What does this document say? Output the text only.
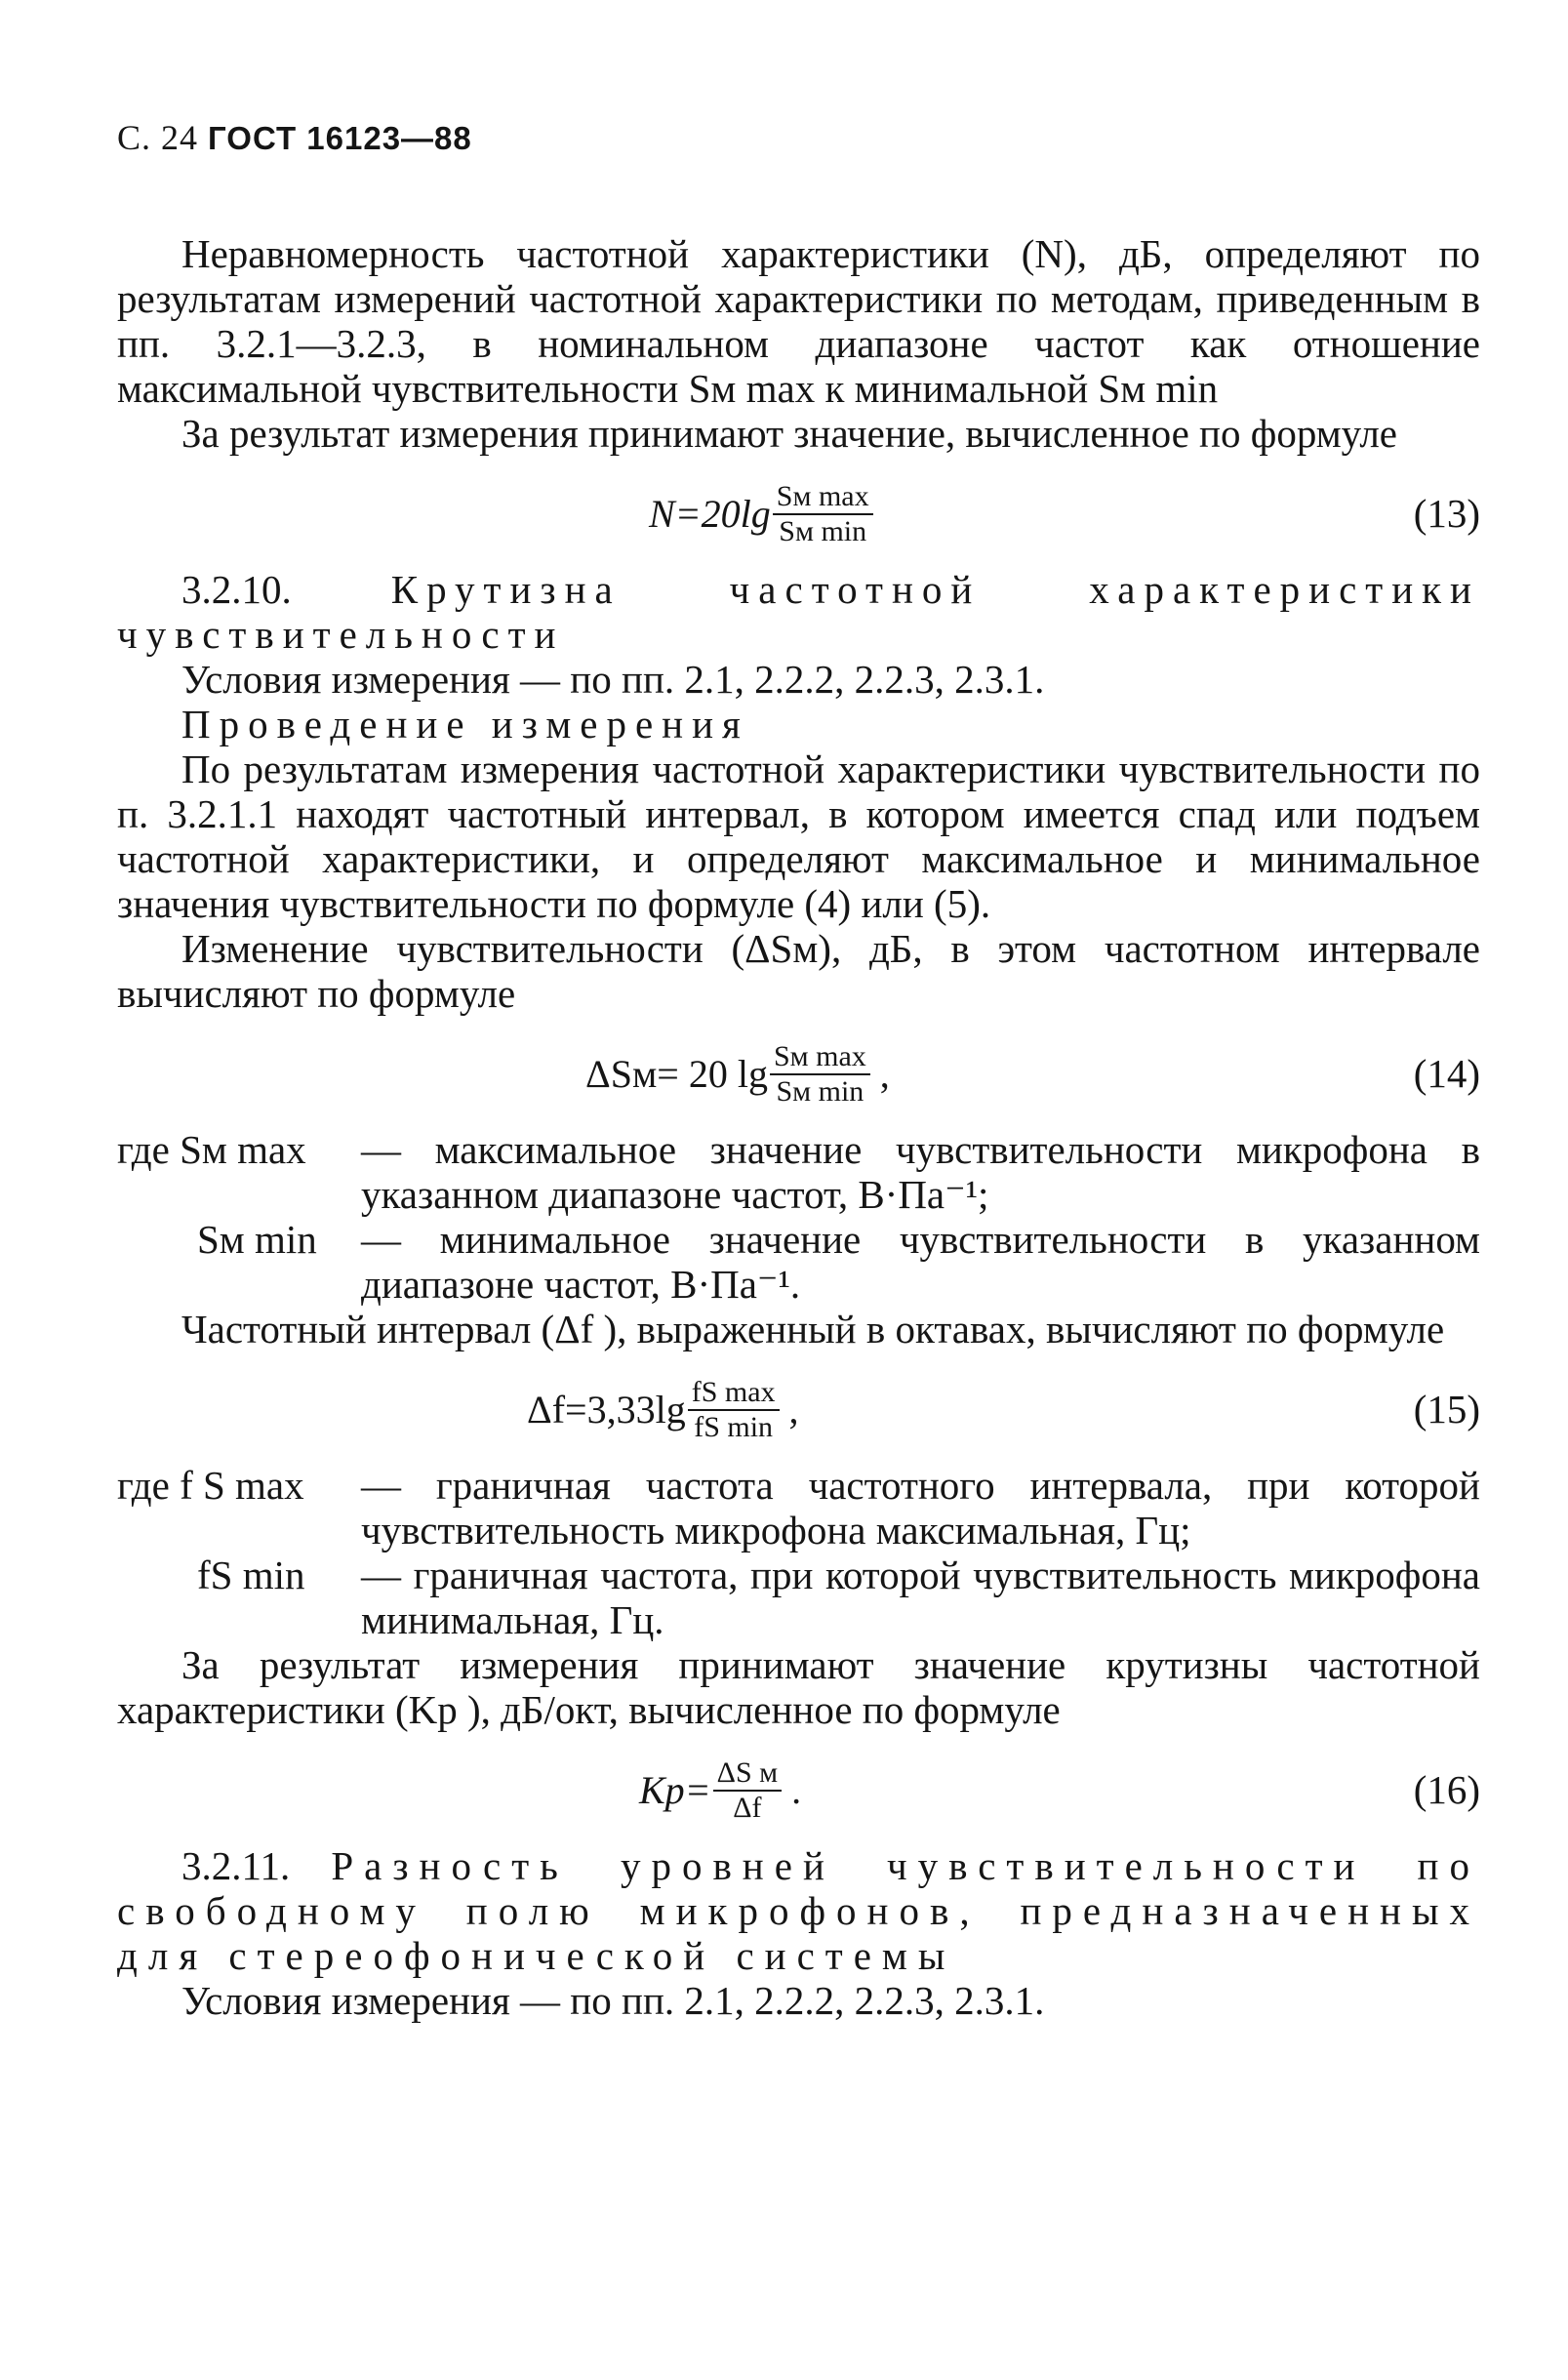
С. 24 ГОСТ 16123—88

Неравномерность частотной характеристики (N), дБ, определяют по результатам измерений частотной характеристики по методам, приведенным в пп. 3.2.1—3.2.3, в номинальном диапазоне частот как отношение максимальной чувствительности Sм max к минимальной Sм min

За результат измерения принимают значение, вычисленное по формуле

$N=20\lg \frac{\text{Sм max}}{\text{Sм min}}$	(13)

3.2.10. Крутизна частотной характеристики чувствительности

Условия измерения — по пп. 2.1, 2.2.2, 2.2.3, 2.3.1.

Проведение измерения

По результатам измерения частотной характеристики чувствительности по п. 3.2.1.1 находят частотный интервал, в котором имеется спад или подъем частотной характеристики, и определяют максимальное и минимальное значения чувствительности по формуле (4) или (5).

Изменение чувствительности (ΔSм), дБ, в этом частотном интервале вычисляют по формуле

ΔSм= 20 $\lg \frac{\text{Sм max}}{\text{Sм min}}$ ,	(14)
где Sм max	— максимальное значение чувствительности микрофона в указанном диапазоне частот, В·Па⁻¹;
Sм min	— минимальное значение чувствительности в указанном диапазоне частот, В·Па⁻¹.

Частотный интервал (Δf ), выраженный в октавах, вычисляют по формуле

$\Delta f=3,33\lg \frac{\text{fS max}}{\text{fS min}}$ ,	(15)
где f S max	— граничная частота частотного интервала, при которой чувствительность микрофона максимальная, Гц;
fS min	— граничная частота, при которой чувствительность микрофона минимальная, Гц.

За результат измерения принимают значение крутизны частотной характеристики (Kp ), дБ/окт, вычисленное по формуле

$Kp= \frac{\text{ΔS м}}{\Delta f}$ .	(16)

3.2.11. Разность уровней чувствительности по свободному полю микрофонов, предназначенных для стереофонической системы

Условия измерения — по пп. 2.1, 2.2.2, 2.2.3, 2.3.1.
